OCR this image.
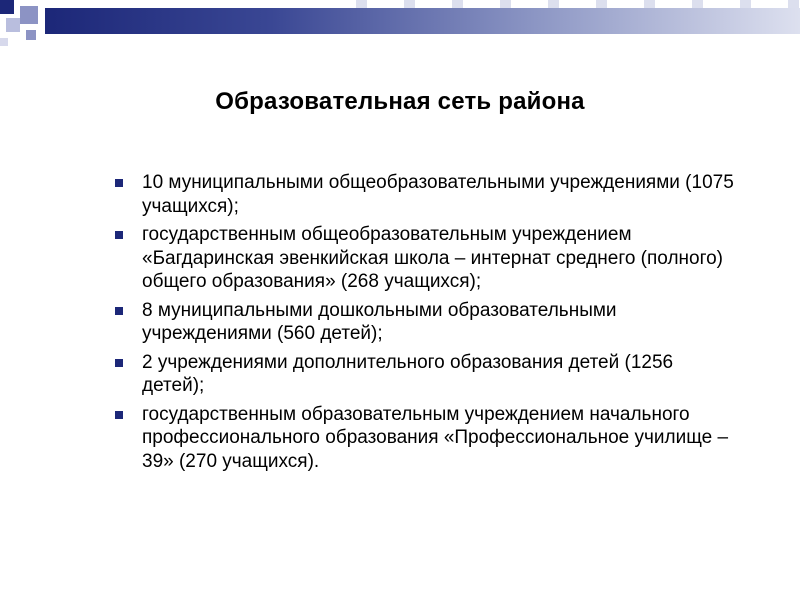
Образовательная сеть района
10 муниципальными общеобразовательными учреждениями (1075 учащихся);
государственным общеобразовательным учреждением «Багдаринская эвенкийская школа – интернат среднего (полного) общего образования» (268 учащихся);
8 муниципальными дошкольными образовательными учреждениями (560 детей);
2 учреждениями дополнительного образования детей (1256 детей);
государственным образовательным учреждением начального профессионального образования «Профессиональное училище – 39» (270 учащихся).
